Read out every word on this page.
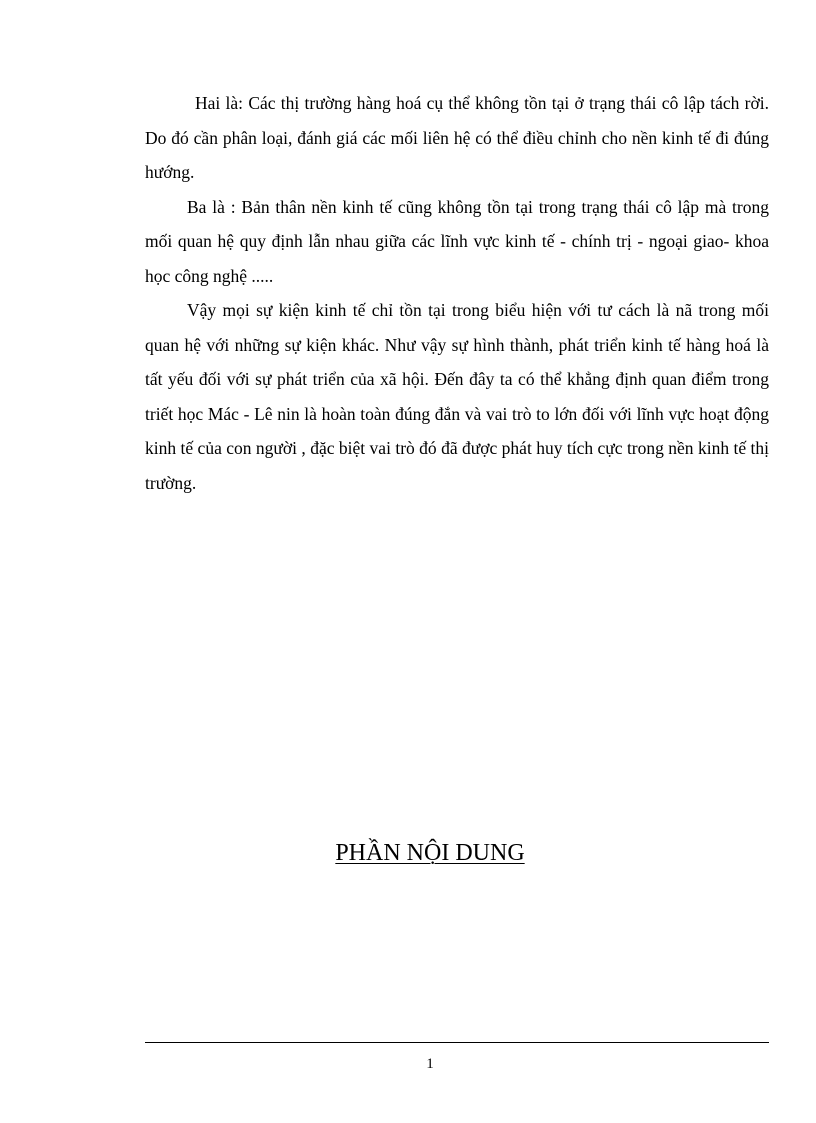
Hai là: Các thị trường hàng hoá cụ thể không tồn tại ở trạng thái cô lập tách rời. Do đó cần phân loại, đánh giá các mối liên hệ có thể điều chỉnh cho nền kinh tế đi đúng hướng.

Ba là : Bản thân nền kinh tế cũng không tồn tại trong trạng thái cô lập mà trong mối quan hệ quy định lẫn nhau giữa các lĩnh vực kinh tế - chính trị - ngoại giao- khoa học công nghệ .....

Vậy mọi sự kiện kinh tế chỉ tồn tại trong biểu hiện với tư cách là nã trong mối quan hệ với những sự kiện khác. Như vậy sự hình thành, phát triển kinh tế hàng hoá là tất yếu đối với sự phát triển của xã hội. Đến đây ta có thể khẳng định quan điểm trong triết học Mác - Lê nin là hoàn toàn đúng đắn và vai trò to lớn đối với lĩnh vực hoạt động kinh tế của con người , đặc biệt vai trò đó đã được phát huy tích cực trong nền kinh tế thị trường.

PHẦN NỘI DUNG
1
